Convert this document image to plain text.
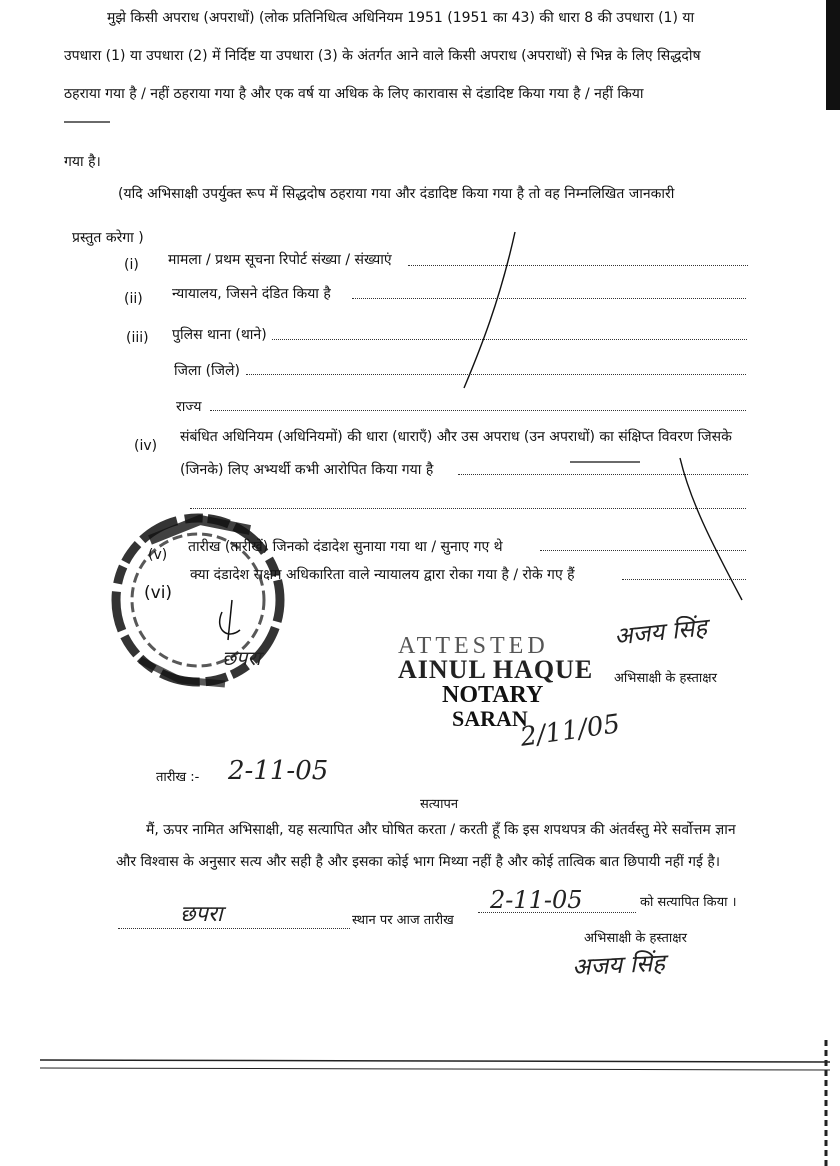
मुझे किसी अपराध (अपराधों) (लोक प्रतिनिधित्व अधिनियम 1951 (1951 का 43) की धारा 8 की उपधारा (1) या
उपधारा (1) या उपधारा (2) में निर्दिष्ट या उपधारा (3) के अंतर्गत आने वाले किसी अपराध (अपराधों) से भिन्न के लिए सिद्धदोष
ठहराया गया है / नहीं ठहराया गया है और एक वर्ष या अधिक के लिए कारावास से दंडादिष्ट किया गया है / नहीं किया
गया है।
(यदि अभिसाक्षी उपर्युक्त रूप में सिद्धदोष ठहराया गया और दंडादिष्ट किया गया है तो वह निम्नलिखित जानकारी
प्रस्तुत करेगा )
(i) मामला / प्रथम सूचना रिपोर्ट संख्या / संख्याएं
(ii) न्यायालय, जिसने दंडित किया है
(iii) पुलिस थाना (थाने)
जिला (जिले)
राज्य
(iv)
संबंधित अधिनियम (अधिनियमों) की धारा (धाराएँ) और उस अपराध (उन अपराधों) का संक्षिप्त विवरण जिसके
(जिनके) लिए अभ्यर्थी कभी आरोपित किया गया है
(v) तारीख (तारीखें) जिनको दंडादेश सुनाया गया था / सुनाए गए थे
(vi)
क्या दंडादेश सक्षम अधिकारिता वाले न्यायालय द्वारा रोका गया है / रोके गए हैं
ATTESTED
AINUL HAQUE
NOTARY
SARAN
2/11/05
छपरा
अजय सिंह
अभिसाक्षी के हस्ताक्षर
तारीख :- 2-11-05
सत्यापन
मैं, ऊपर नामित अभिसाक्षी, यह सत्यापित और घोषित करता / करती हूँ कि इस शपथपत्र की अंतर्वस्तु मेरे सर्वोत्तम ज्ञान
और विश्वास के अनुसार सत्य और सही है और इसका कोई भाग मिथ्या नहीं है और कोई तात्विक बात छिपायी नहीं गई है।
छपरा	स्थान पर आज तारीख
2-11-05	को सत्यापित किया ।
अभिसाक्षी के हस्ताक्षर
अजय सिंह
